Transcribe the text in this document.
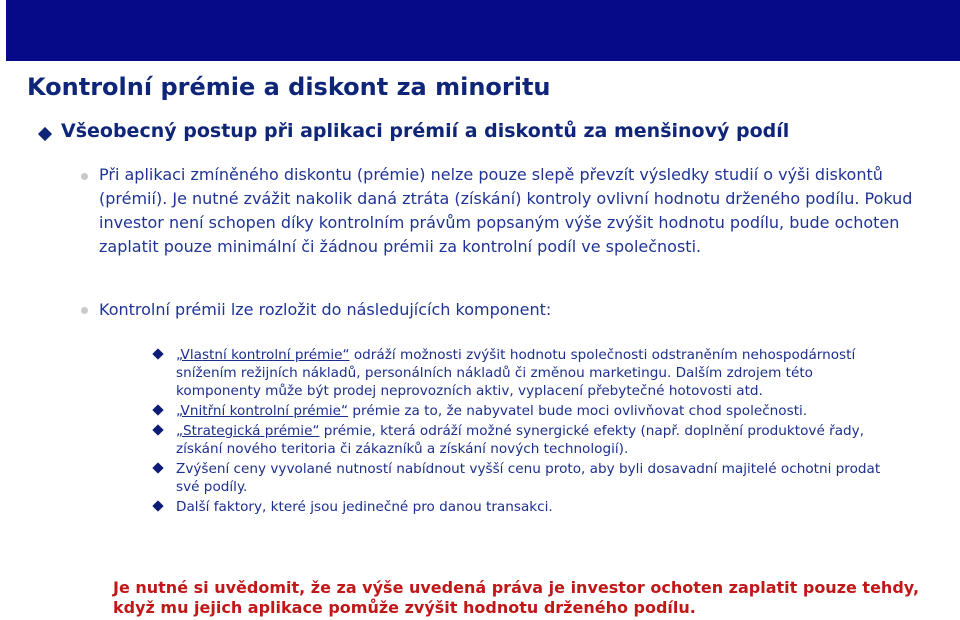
Kontrolní prémie a diskont za minoritu
Všeobecný postup při aplikaci prémií a diskontů za menšinový podíl

Při aplikaci zmíněného diskontu (prémie) nelze pouze slepě převzít výsledky studií o výši diskontů (prémií). Je nutné zvážit nakolik daná ztráta (získání) kontroly ovlivní hodnotu drženého podílu. Pokud investor není schopen díky kontrolním právům popsaným výše zvýšit hodnotu podílu, bude ochoten zaplatit pouze minimální či žádnou prémii za kontrolní podíl ve společnosti.

Kontrolní prémii lze rozložit do následujících komponent:

„Vlastní kontrolní prémie“ odráží možnosti zvýšit hodnotu společnosti odstraněním nehospodárností snížením režijních nákladů, personálních nákladů či změnou marketingu. Dalším zdrojem této komponenty může být prodej neprovozních aktiv, vyplacení přebytečné hotovosti atd.
„Vnitřní kontrolní prémie“ prémie za to, že nabyvatel bude moci ovlivňovat chod společnosti.
„Strategická prémie“ prémie, která odráží možné synergické efekty (např. doplnění produktové řady, získání nového teritoria či zákazníků a získání nových technologií).
Zvýšení ceny vyvolané nutností nabídnout vyšší cenu proto, aby byli dosavadní majitelé ochotni prodat své podíly.
Další faktory, které jsou jedinečné pro danou transakci.
Je nutné si uvědomit, že za výše uvedená práva je investor ochoten zaplatit pouze tehdy, když mu jejich aplikace pomůže zvýšit hodnotu drženého podílu.
